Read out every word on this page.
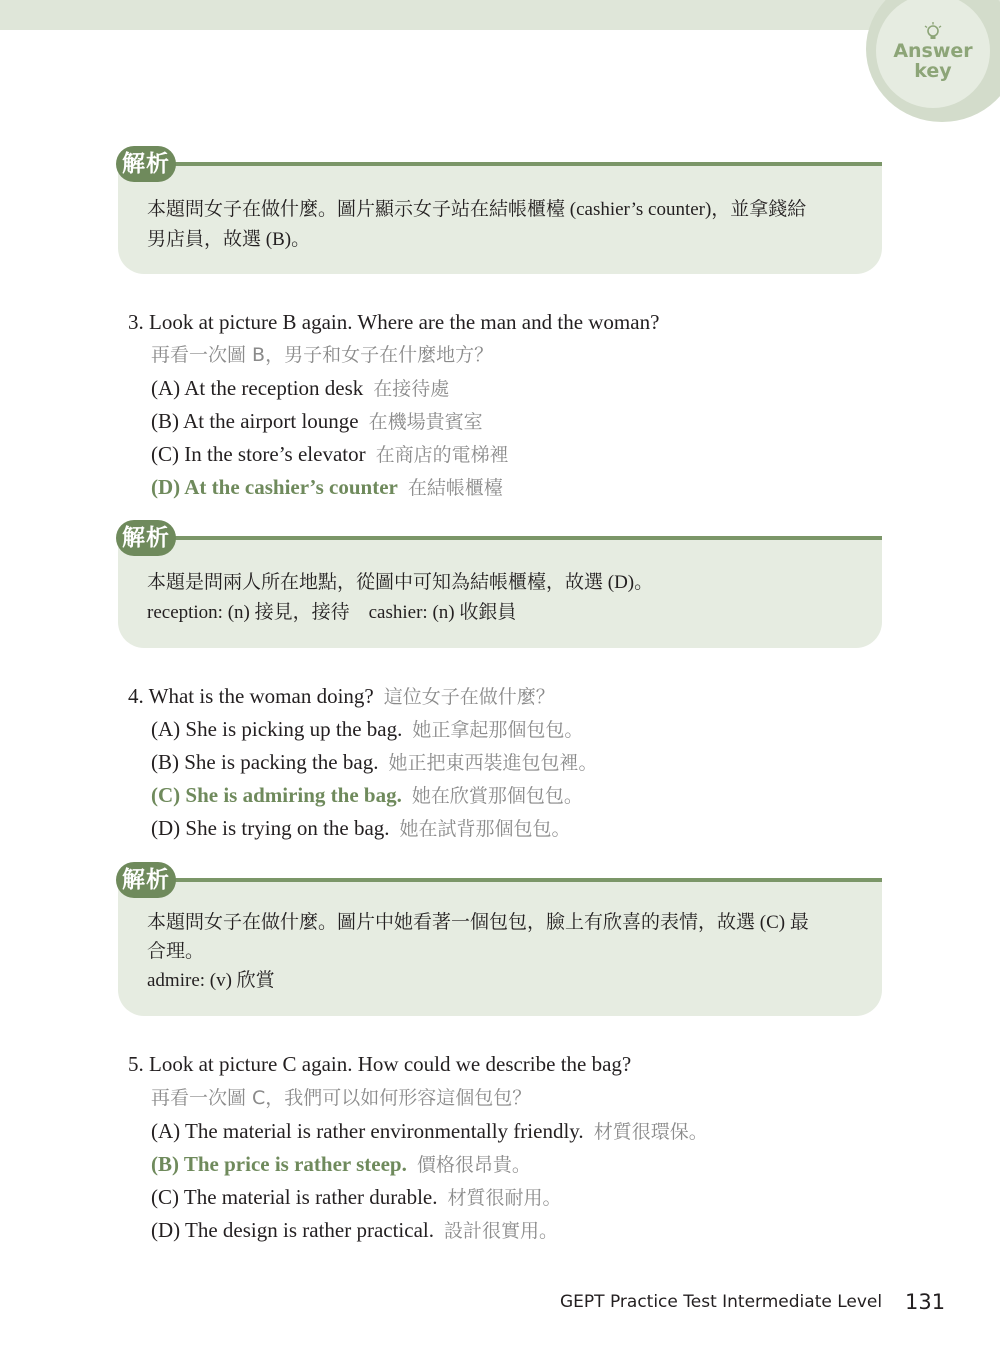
Answer
key
解析
本題問女子在做什麼。圖片顯示女子站在結帳櫃檯 (cashier’s counter)，並拿錢給
男店員，故選 (B)。
3. Look at picture B again. Where are the man and the woman?
再看一次圖 B，男子和女子在什麼地方？
(A) At the reception desk 在接待處
(B) At the airport lounge 在機場貴賓室
(C) In the store’s elevator 在商店的電梯裡
(D) At the cashier’s counter 在結帳櫃檯
解析
本題是問兩人所在地點，從圖中可知為結帳櫃檯，故選 (D)。
reception: (n) 接見，接待　cashier: (n) 收銀員
4. What is the woman doing? 這位女子在做什麼？
(A) She is picking up the bag. 她正拿起那個包包。
(B) She is packing the bag. 她正把東西裝進包包裡。
(C) She is admiring the bag. 她在欣賞那個包包。
(D) She is trying on the bag. 她在試背那個包包。
解析
本題問女子在做什麼。圖片中她看著一個包包，臉上有欣喜的表情，故選 (C) 最
合理。
admire: (v) 欣賞
5. Look at picture C again. How could we describe the bag?
再看一次圖 C，我們可以如何形容這個包包？
(A) The material is rather environmentally friendly. 材質很環保。
(B) The price is rather steep. 價格很昂貴。
(C) The material is rather durable. 材質很耐用。
(D) The design is rather practical. 設計很實用。
GEPT Practice Test Intermediate Level 131
